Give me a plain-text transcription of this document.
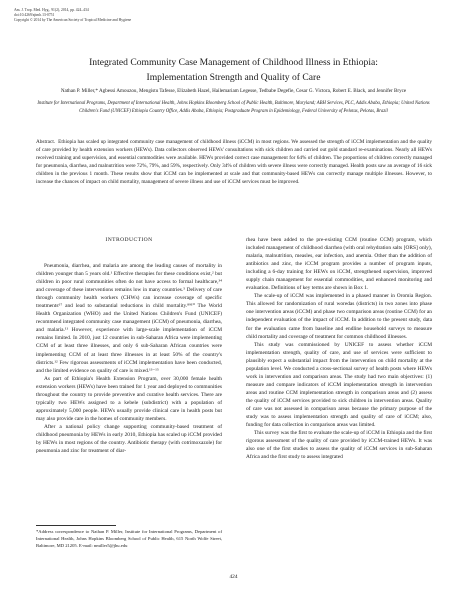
Am. J. Trop. Med. Hyg., 91(2), 2014, pp. 424–434
doi:10.4269/ajtmh.13-0751
Copyright © 2014 by The American Society of Tropical Medicine and Hygiene
Integrated Community Case Management of Childhood Illness in Ethiopia:
Implementation Strength and Quality of Care
Nathan P. Miller,* Agbessi Amouzou, Mengistu Tafesse, Elizabeth Hazel, Hailemariam Legesse, Tedbabe Degefie, Cesar G. Victora, Robert E. Black, and Jennifer Bryce
Institute for International Programs, Department of International Health, Johns Hopkins Bloomberg School of Public Health, Baltimore, Maryland; ABH Services, PLC, Addis Ababa, Ethiopia; United Nations Children's Fund (UNICEF) Ethiopia Country Office, Addis Ababa, Ethiopia; Postgraduate Program in Epidemiology, Federal University of Pelotas, Pelotas, Brazil
Abstract. Ethiopia has scaled up integrated community case management of childhood illness (iCCM) in most regions. We assessed the strength of iCCM implementation and the quality of care provided by health extension workers (HEWs). Data collectors observed HEWs' consultations with sick children and carried out gold standard re-examinations. Nearly all HEWs received training and supervision, and essential commodities were available. HEWs provided correct case management for 64% of children. The proportions of children correctly managed for pneumonia, diarrhea, and malnutrition were 72%, 79%, and 59%, respectively. Only 34% of children with severe illness were correctly managed. Health posts saw an average of 16 sick children in the previous 1 month. These results show that iCCM can be implemented at scale and that community-based HEWs can correctly manage multiple illnesses. However, to increase the chances of impact on child mortality, management of severe illness and use of iCCM services must be improved.
INTRODUCTION

Pneumonia, diarrhea, and malaria are among the leading causes of mortality in children younger than 5 years old.¹ Effective therapies for these conditions exist,² but children in poor rural communities often do not have access to formal healthcare,³⁴ and coverage of these interventions remains low in many countries.⁵ Delivery of care through community health workers (CHWs) can increase coverage of specific treatments⁶⁷ and lead to substantial reductions in child mortality.⁸⁹¹⁰ The World Health Organization (WHO) and the United Nations Children's Fund (UNICEF) recommend integrated community case management (iCCM) of pneumonia, diarrhea, and malaria.¹¹ However, experience with large-scale implementation of iCCM remains limited. In 2010, just 12 countries in sub-Saharan Africa were implementing CCM of at least three illnesses, and only 6 sub-Saharan African countries were implementing CCM of at least three illnesses in at least 50% of the country's districts.¹² Few rigorous assessments of iCCM implementation have been conducted, and the limited evidence on quality of care is mixed.¹³⁻¹⁵

As part of Ethiopia's Health Extension Program, over 30,000 female health extension workers (HEWs) have been trained for 1 year and deployed to communities throughout the country to provide preventive and curative health services. There are typically two HEWs assigned to a kebele (subdistrict) with a population of approximately 5,000 people. HEWs usually provide clinical care in health posts but may also provide care in the homes of community members.

After a national policy change supporting community-based treatment of childhood pneumonia by HEWs in early 2010, Ethiopia has scaled up iCCM provided by HEWs in most regions of the country. Antibiotic therapy (with cotrimoxazole) for pneumonia and zinc for treatment of diar-

rhea have been added to the pre-existing CCM (routine CCM) program, which included management of childhood diarrhea (with oral rehydration salts [ORS] only), malaria, malnutrition, measles, ear infection, and anemia. Other than the addition of antibiotics and zinc, the iCCM program provides a number of program inputs, including a 6-day training for HEWs on iCCM, strengthened supervision, improved supply chain management for essential commodities, and enhanced monitoring and evaluation. Definitions of key terms are shown in Box 1.

The scale-up of iCCM was implemented in a phased manner in Oromia Region. This allowed for randomization of rural woredas (districts) in two zones into phase one intervention areas (iCCM) and phase two comparison areas (routine CCM) for an independent evaluation of the impact of iCCM. In addition to the present study, data for the evaluation came from baseline and endline household surveys to measure child mortality and coverage of treatment for common childhood illnesses.

This study was commissioned by UNICEF to assess whether iCCM implementation strength, quality of care, and use of services were sufficient to plausibly expect a substantial impact from the intervention on child mortality at the population level. We conducted a cross-sectional survey of health posts where HEWs work in intervention and comparison areas. The study had two main objectives: (1) measure and compare indicators of iCCM implementation strength in intervention areas and routine CCM implementation strength in comparison areas and (2) assess the quality of iCCM services provided to sick children in intervention areas. Quality of care was not assessed in comparison areas because the primary purpose of the study was to assess implementation strength and quality of care of iCCM; also, funding for data collection in comparison areas was limited.

This survey was the first to evaluate the scale-up of iCCM in Ethiopia and the first rigorous assessment of the quality of care provided by iCCM-trained HEWs. It was also one of the first studies to assess the quality of iCCM services in sub-Saharan Africa and the first study to assess integrated

*Address correspondence to Nathan P. Miller, Institute for International Programs, Department of International Health, Johns Hopkins Bloomberg School of Public Health, 615 North Wolfe Street, Baltimore, MD 21205. E-mail: nmiller5@jhu.edu
424
